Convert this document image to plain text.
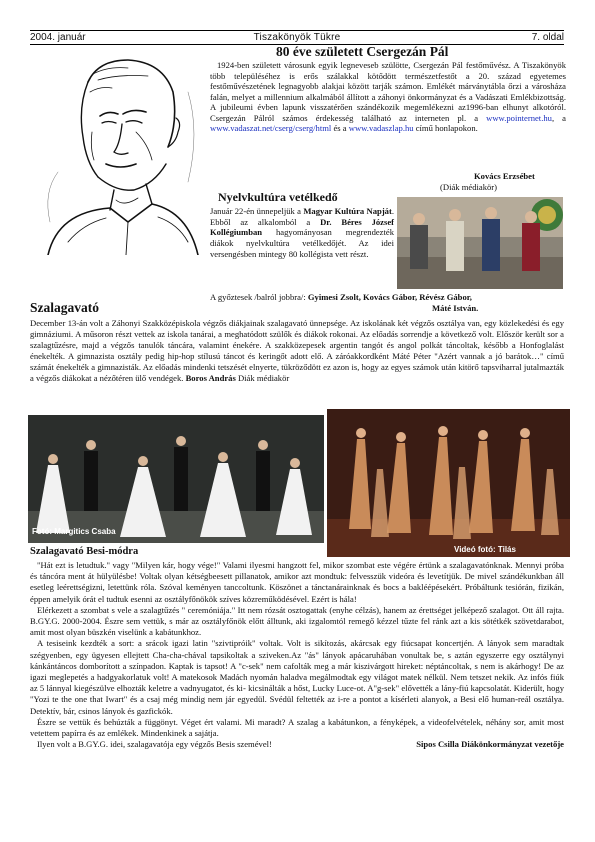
2004. január	Tiszakönyök Tükre	7. oldal
80 éve született Csergezán Pál

1924-ben született városunk egyik legneveseb szülötte, Csergezán Pál festőművész. A Tiszakönyök több településéhez is erős szálakkal kötődött természetfestőt a 20. század egyetemes festőművészetének legnagyobb alakjai között tarják számon. Emlékét márványtábla őrzi a városháza falán, melyet a millennium alkalmából állított a záhonyi önkormányzat és a Vadászati Emlékbizottság. A jubileumi évben lapunk visszatérően szándékozik megemlékezni az1996-ban elhunyt alkotóról. Csergezán Pálról számos érdekesség található az interneten pl. a www.pointernet.hu, a www.vadaszat.net/cserg/cserg/html és a www.vadaszlap.hu című honlapokon.

Kovács Erzsébet
(Diák médiakör)
Nyelvkultúra vetélkedő

Január 22-én ünnepeljük a Magyar Kultúra Napját. Ebből az alkalomból a Dr. Béres József Kollégiumban hagyományosan megrendezték diákok nyelvkultúra vetélkedőjét. Az idei versengésben mintegy 80 kollégista vett részt.

A győztesek /balról jobbra/: Gyimesi Zsolt, Kovács Gábor, Révész Gábor,
Máté István.
Szalagavató

December 13-án volt a Záhonyi Szakközépiskola végzős diákjainak szalagavató ünnepsége. Az iskolának két végzős osztálya van, egy közlekedési és egy gimnáziumi. A műsoron részt vettek az iskola tanárai, a meghatódott szülők és diákok rokonai. Az előadás sorrendje a következő volt. Először került sor a szalagtűzésre, majd a végzős tanulók táncára, valamint énekére. A szakközepesek argentin tangót és angol polkát táncoltak, később a Honfoglalást énekelték. A gimnazista osztály pedig hip-hop stílusú táncot és keringőt adott elő. A záróakkordként Máté Péter "Azért vannak a jó barátok…" című számát énekelték a gimnazisták. Az előadás mindenki tetszését elnyerte, tükröződött ez azon is, hogy az egyes számok után kitörő tapsviharral jutalmazták a végzős diákokat a nézőtéren ülő vendégek. Boros András Diák médiakör

Fotó: Margitics Csaba
Videó fotó: Tilás
Szalagavató Besi-módra

"Hát ezt is letudtuk." vagy "Milyen kár, hogy vége!" Valami ilyesmi hangzott fel, mikor szombat este végére értünk a szalagavatónknak. Mennyi próba és táncóra ment át hülyülésbe! Voltak olyan kétségbeesett pillanatok, amikor azt mondtuk: felvesszük videóra és levetítjük. De mivel szándékunkban áll esetleg leérettségizni, letettünk róla. Szóval keményen tanccoltunk. Köszönet a tánctanárainknak és bocs a bakléépésekért. Próbáltunk tesiórán, fizikán, éppen amelyik órát el tudtuk esenni az osztályfőnökök szíves közreműködésével. Ezért is hála!

Elérkezett a szombat s vele a szalagtűzés " ceremóniája." Itt nem rózsát osztogattak (enyhe célzás), hanem az érettséget jelképező szalagot. Ott áll rajta. B.GY.G. 2000-2004. Észre sem vettük, s már az osztályfőnök előtt álltunk, aki izgalomtól remegő kézzel tűzte fel ránk azt a kis sötétkék szövetdarabot, amit most olyan büszkén viselünk a kabátunkhoz.

A tesiseink kezdték a sort: a srácok igazi latin "szivtipróik" voltak. Volt is sikítozás, akárcsak egy fiúcsapat koncertjén. A lányok sem maradtak szégyenben, egy ügyesen ellejtett Cha-cha-chával tapsikoltak a sziveken.Az "ás" lányok apácaruhában vonultak be, s aztán egyszerre egy osztálynyi kánkántáncos domborított a színpadon. Kaptak is tapsot! A "c-sek" nem cafolták meg a már kiszivárgott hireket: néptáncoltak, s nem is akárhogy! De az igazi meglepetés a hadgyakorlatuk volt! A matekosok Madách nyomán haladva megálmodtak egy világot matek nélkül. Nem tetszet nekik. Az infós fiúk az 5 lánnyal kiegészülve elhozták keletre a vadnyugatot, és ki- kicsinálták a hőst, Lucky Luce-ot. A"g-sek" elővették a lány-fiú kapcsolatát. Kiderült, hogy "Yozi te the one that Iwart" és a csaj még mindig nem jár egyedül. Svédül feltették az i-re a pontot a kísérleti alanyok, a Besi elő human-reál osztálya. Detektív, bár, csinos lányok és gazfickók.

Észre se vettük és behúzták a függönyt. Véget ért valami. Mi maradt? A szalag a kabátunkon, a fényképek, a videofelvételek, néhány sor, amit most vetettem papírra és az emlékek. Mindenkinek a sajátja.

Ilyen volt a B.GY.G. idei, szalagavatója egy végzős Besis szemével!	Sipos Csilla Diákönkormányzat vezetője
